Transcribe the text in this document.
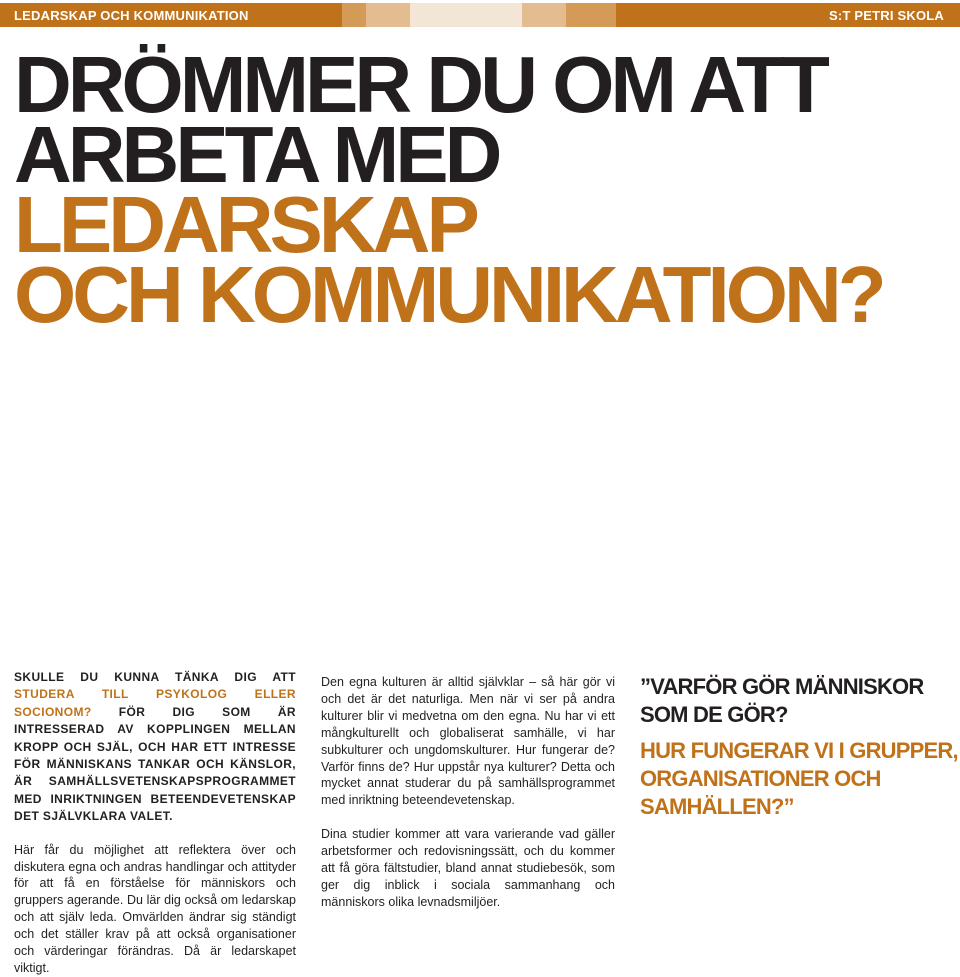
LEDARSKAP OCH KOMMUNIKATION	S:T PETRI SKOLA
DRÖMMER DU OM ATT
ARBETA MED LEDARSKAP
OCH KOMMUNIKATION?

SKULLE DU KUNNA TÄNKA DIG ATT STUDERA TILL PSYKOLOG ELLER SOCIONOM? FÖR DIG SOM ÄR INTRESSERAD AV KOPPLINGEN MELLAN KROPP OCH SJÄL, OCH HAR ETT INTRESSE FÖR MÄNNISKANS TANKAR OCH KÄNSLOR, ÄR SAMHÄLLSVETENSKAPSPROGRAMMET MED INRIKTNINGEN BETEENDEVETENSKAP DET SJÄLVKLARA VALET.

Här får du möjlighet att reflektera över och diskutera egna och andras handlingar och attityder för att få en förståelse för människors och gruppers agerande. Du lär dig också om ledarskap och att själv leda. Omvärlden ändrar sig ständigt och det ställer krav på att också organisationer och värderingar förändras. Då är ledarskapet viktigt.

Den egna kulturen är alltid självklar – så här gör vi och det är det naturliga. Men när vi ser på andra kulturer blir vi medvetna om den egna. Nu har vi ett mångkulturellt och globaliserat samhälle, vi har subkulturer och ungdomskulturer. Hur fungerar de? Varför finns de? Hur uppstår nya kulturer? Detta och mycket annat studerar du på samhällsprogrammet med inriktning beteendevetenskap.

Dina studier kommer att vara varierande vad gäller arbetsformer och redovisningssätt, och du kommer att få göra fältstudier, bland annat studiebesök, som ger dig inblick i sociala sammanhang och människors olika levnadsmiljöer.

”VARFÖR GÖR MÄNNISKOR SOM DE GÖR?

HUR FUNGERAR VI I GRUPPER, ORGANISATIONER OCH SAMHÄLLEN?”
